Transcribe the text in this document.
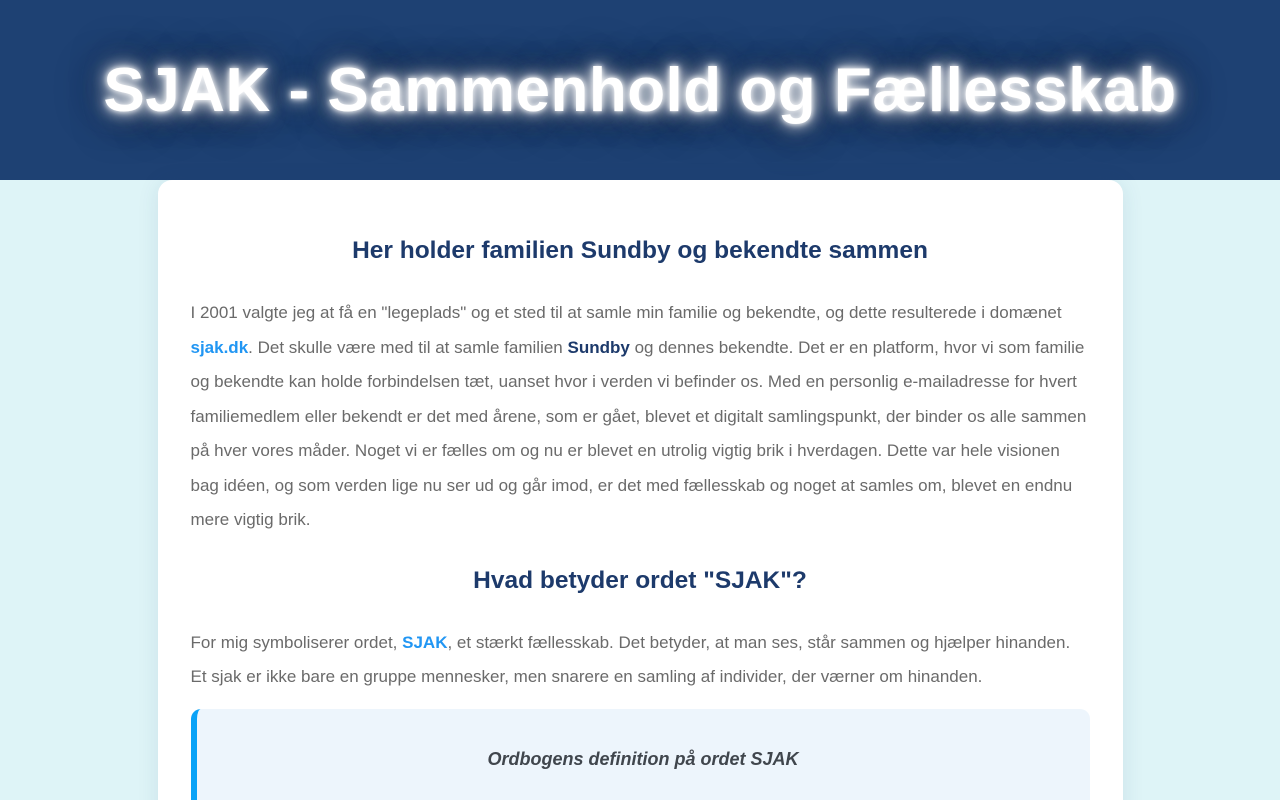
SJAK - Sammenhold og Fællesskab
Her holder familien Sundby og bekendte sammen

I 2001 valgte jeg at få en "legeplads" og et sted til at samle min familie og bekendte, og dette resulterede i domænet sjak.dk. Det skulle være med til at samle familien Sundby og dennes bekendte. Det er en platform, hvor vi som familie og bekendte kan holde forbindelsen tæt, uanset hvor i verden vi befinder os. Med en personlig e-mailadresse for hvert familiemedlem eller bekendt er det med årene, som er gået, blevet et digitalt samlingspunkt, der binder os alle sammen på hver vores måder. Noget vi er fælles om og nu er blevet en utrolig vigtig brik i hverdagen. Dette var hele visionen bag idéen, og som verden lige nu ser ud og går imod, er det med fællesskab og noget at samles om, blevet en endnu mere vigtig brik.

Hvad betyder ordet "SJAK"?

For mig symboliserer ordet, SJAK, et stærkt fællesskab. Det betyder, at man ses, står sammen og hjælper hinanden. Et sjak er ikke bare en gruppe mennesker, men snarere en samling af individer, der værner om hinanden.

Ordbogens definition på ordet SJAK
